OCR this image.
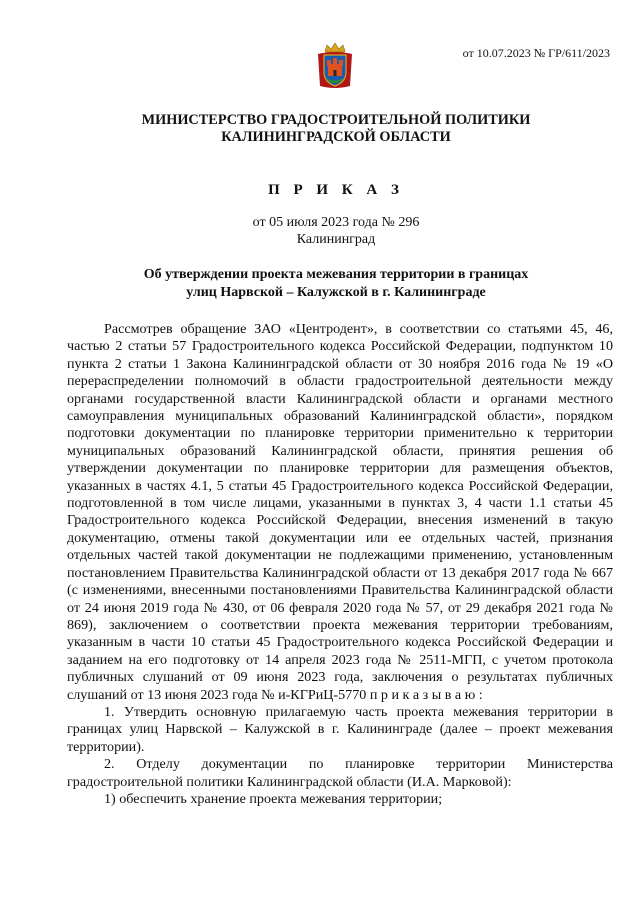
от 10.07.2023 № ГР/611/2023
МИНИСТЕРСТВО ГРАДОСТРОИТЕЛЬНОЙ ПОЛИТИКИ
КАЛИНИНГРАДСКОЙ ОБЛАСТИ
П Р И К А З
от 05 июля 2023 года № 296
Калининград
Об утверждении проекта межевания территории в границах
улиц Нарвской – Калужской в г. Калининграде

Рассмотрев обращение ЗАО «Центродент», в соответствии со статьями 45, 46, частью 2 статьи 57 Градостроительного кодекса Российской Федерации, подпунктом 10 пункта 2 статьи 1 Закона Калининградской области от 30 ноября 2016 года № 19 «О перераспределении полномочий в области градостроительной деятельности между органами государственной власти Калининградской области и органами местного самоуправления муниципальных образований Калининградской области», порядком подготовки документации по планировке территории применительно к территории муниципальных образований Калининградской области, принятия решения об утверждении документации по планировке территории для размещения объектов, указанных в частях 4.1, 5 статьи 45 Градостроительного кодекса Российской Федерации, подготовленной в том числе лицами, указанными в пунктах 3, 4 части 1.1 статьи 45 Градостроительного кодекса Российской Федерации, внесения изменений в такую документацию, отмены такой документации или ее отдельных частей, признания отдельных частей такой документации не подлежащими применению, установленным постановлением Правительства Калининградской области от 13 декабря 2017 года № 667 (с изменениями, внесенными постановлениями Правительства Калининградской области от 24 июня 2019 года № 430, от 06 февраля 2020 года № 57, от 29 декабря 2021 года № 869), заключением о соответствии проекта межевания территории требованиям, указанным в части 10 статьи 45 Градостроительного кодекса Российской Федерации и заданием на его подготовку от 14 апреля 2023 года № 2511-МГП, с учетом протокола публичных слушаний от 09 июня 2023 года, заключения о результатах публичных слушаний от 13 июня 2023 года № и-КГРиЦ-5770 п р и к а з ы в а ю :

1. Утвердить основную прилагаемую часть проекта межевания территории в границах улиц Нарвской – Калужской в г. Калининграде (далее – проект межевания территории).

2. Отделу документации по планировке территории Министерства градостроительной политики Калининградской области (И.А. Марковой):

1) обеспечить хранение проекта межевания территории;
